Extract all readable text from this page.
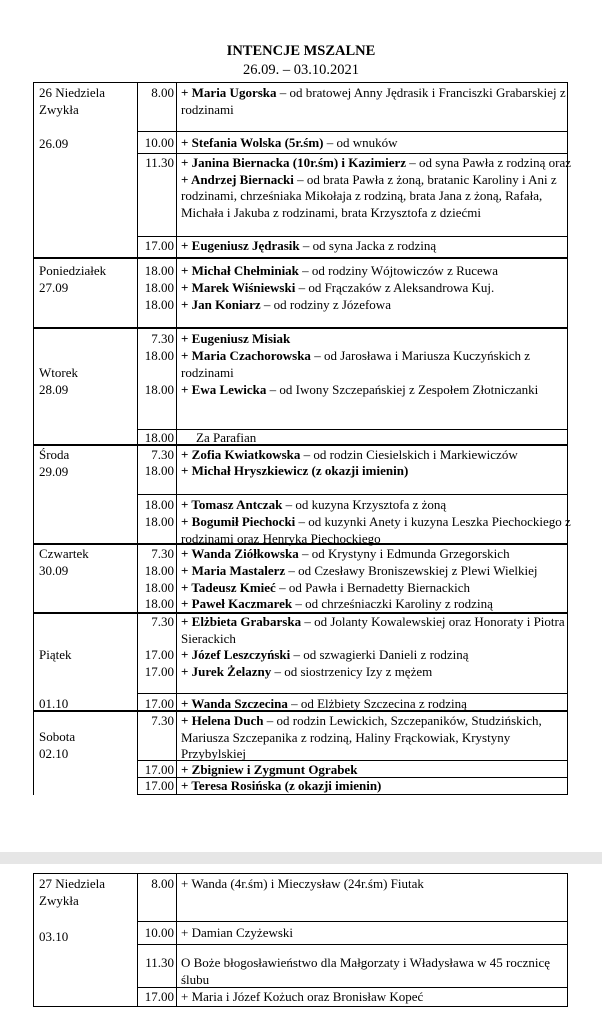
INTENCJE MSZALNE
26.09. – 03.10.2021
26 Niedziela
Zwykła
26.09
Poniedziałek
27.09
Wtorek
28.09
Środa
29.09
Czwartek
30.09
Piątek
01.10
Sobota
02.10
8.00 + Maria Ugorska – od bratowej Anny Jędrasik i Franciszki Grabarskiej z rodzinami
10.00 + Stefania Wolska (5r.śm) – od wnuków
11.30 + Janina Biernacka (10r.śm) i Kazimierz – od syna Pawła z rodziną oraz + Andrzej Biernacki – od brata Pawła z żoną, bratanic Karoliny i Ani z rodzinami, chrześniaka Mikołaja z rodziną, brata Jana z żoną, Rafała, Michała i Jakuba z rodzinami, brata Krzysztofa z dziećmi
17.00 + Eugeniusz Jędrasik – od syna Jacka z rodziną
18.00 + Michał Chełminiak – od rodziny Wójtowiczów z Rucewa
18.00 + Marek Wiśniewski – od Frączaków z Aleksandrowa Kuj.
18.00 + Jan Koniarz – od rodziny z Józefowa
7.30 + Eugeniusz Misiak
18.00 + Maria Czachorowska – od Jarosława i Mariusza Kuczyńskich z rodzinami
18.00 + Ewa Lewicka – od Iwony Szczepańskiej z Zespołem Złotniczanki
18.00 Za Parafian
7.30 + Zofia Kwiatkowska – od rodzin Ciesielskich i Markiewiczów
18.00 + Michał Hryszkiewicz (z okazji imienin)
18.00 + Tomasz Antczak – od kuzyna Krzysztofa z żoną
18.00 + Bogumił Piechocki – od kuzynki Anety i kuzyna Leszka Piechockiego z rodzinami oraz Henryka Piechockiego
7.30 + Wanda Ziółkowska – od Krystyny i Edmunda Grzegorskich
18.00 + Maria Mastalerz – od Czesławy Broniszewskiej z Plewi Wielkiej
18.00 + Tadeusz Kmieć – od Pawła i Bernadetty Biernackich
18.00 + Paweł Kaczmarek – od chrześniaczki Karoliny z rodziną
7.30 + Elżbieta Grabarska – od Jolanty Kowalewskiej oraz Honoraty i Piotra Sierackich
17.00 + Józef Leszczyński – od szwagierki Danieli z rodziną
17.00 + Jurek Żelazny – od siostrzenicy Izy z mężem
17.00 + Wanda Szczecina – od Elżbiety Szczecina z rodziną
7.30 + Helena Duch – od rodzin Lewickich, Szczepaników, Studzińskich, Mariusza Szczepanika z rodziną, Haliny Frąckowiak, Krystyny Przybylskiej
17.00 + Zbigniew i Zygmunt Ograbek
17.00 + Teresa Rosińska (z okazji imienin)
27 Niedziela
Zwykła
03.10
8.00 + Wanda (4r.śm) i Mieczysław (24r.śm) Fiutak
10.00 + Damian Czyżewski
11.30 O Boże błogosławieństwo dla Małgorzaty i Władysława w 45 rocznicę ślubu
17.00 + Maria i Józef Kożuch oraz Bronisław Kopeć
